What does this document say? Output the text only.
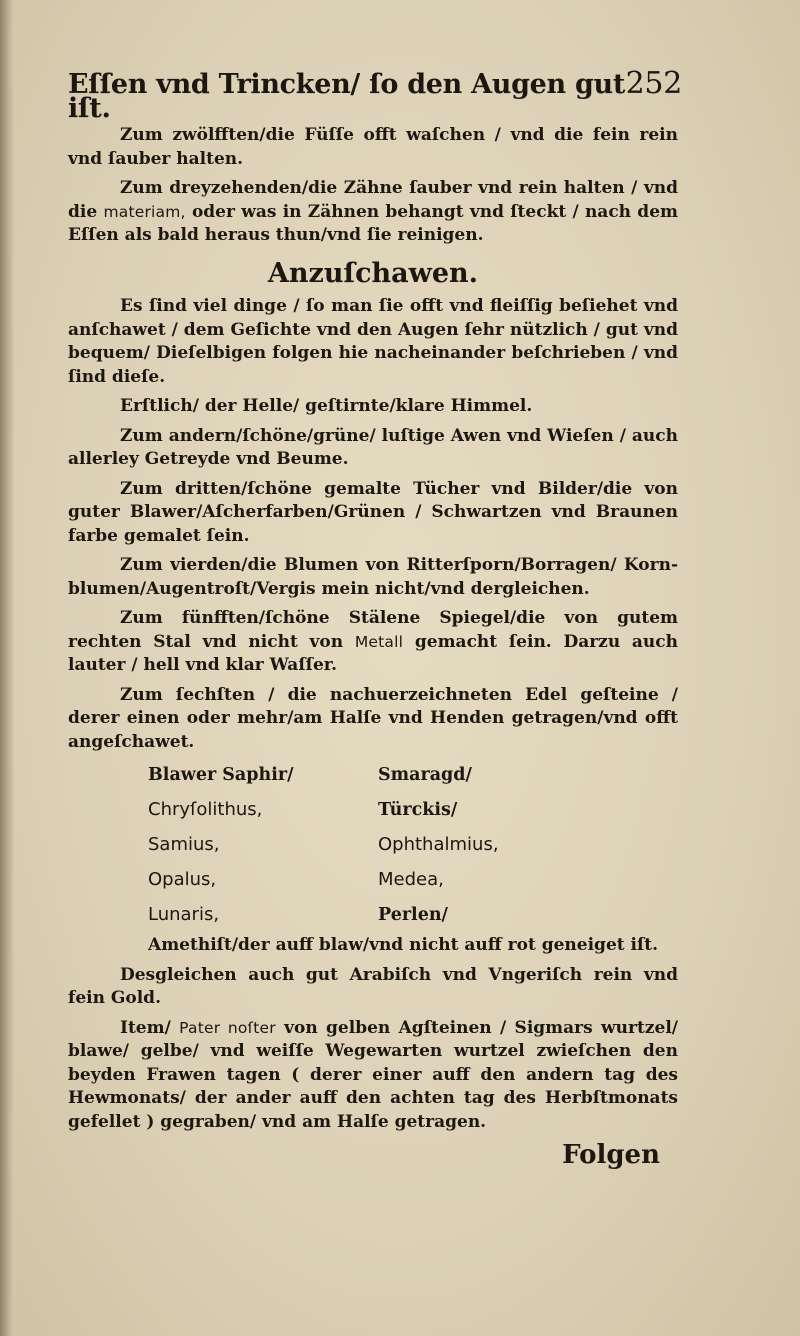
Eſſen vnd Trincken/ ſo den Augen gut iſt.
252

Zum zwölfften/die Füſſe offt waſchen / vnd die fein rein vnd ſauber halten.

Zum dreyzehenden/die Zähne ſauber vnd rein halten / vnd die materiam, oder was in Zähnen behangt vnd ſteckt / nach dem Eſſen als bald heraus thun/vnd ſie reinigen.

Anzuſchawen.

Es ſind viel dinge / ſo man ſie offt vnd fleiſſig beſiehet vnd anſchawet / dem Geſichte vnd den Augen ſehr nützlich / gut vnd bequem/ Dieſelbigen folgen hie nacheinander beſchrieben / vnd ſind dieſe.

Erſtlich/ der Helle/ geſtirnte/klare Himmel.

Zum andern/ſchöne/grüne/ luſtige Awen vnd Wieſen / auch allerley Getreyde vnd Beume.

Zum dritten/ſchöne gemalte Tücher vnd Bilder/die von guter Blawer/Aſcherfarben/Grünen / Schwartzen vnd Braunen farbe gemalet ſein.

Zum vierden/die Blumen von Ritterſporn/Borragen/ Korn-blumen/Augentroſt/Vergis mein nicht/vnd dergleichen.

Zum fünfften/ſchöne Stälene Spiegel/die von gutem rechten Stal vnd nicht von Metall gemacht ſein. Darzu auch lauter / hell vnd klar Waſſer.

Zum ſechſten / die nachuerzeichneten Edel geſteine / derer einen oder mehr/am Halſe vnd Henden getragen/vnd offt angeſchawet.

Blawer Saphir/	Smaragd/
Chryſolithus,	Türckis/
Samius,	Ophthalmius,
Opalus,	Medea,
Lunaris,	Perlen/

Amethiſt/der auff blaw/vnd nicht auff rot geneiget iſt.

Desgleichen auch gut Arabiſch vnd Vngeriſch rein vnd fein Gold.

Item/ Pater noſter von gelben Agſteinen / Sigmars wurtzel/ blawe/ gelbe/ vnd weiſſe Wegewarten wurtzel zwieſchen den beyden Frawen tagen ( derer einer auff den andern tag des Hewmonats/ der ander auff den achten tag des Herbſtmonats gefellet ) gegraben/ vnd am Halſe getragen.

Folgen
